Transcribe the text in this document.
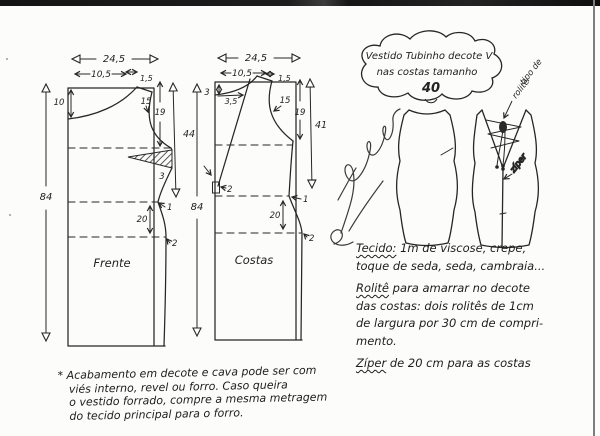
24,5
10,5	1,5
10	15
19
44
84
3
1
20
2
Frente
24,5
10,5	1,5
3
3,5	15
19
41
84
2
1
20
2
Costas
Vestido Tubinho decote V
nas costas tamanho
40
tipo de
rolitê
zíper

Tecido: 1m de viscose, crepe,
toque de seda, seda, cambraia...

Rolitê para amarrar no decote
das costas: dois rolitês de 1cm
de largura por 30 cm de compri-
mento.

Zíper de 20 cm para as costas

* Acabamento em decote e cava pode ser com
viés interno, revel ou forro. Caso queira
o vestido forrado, compre a mesma metragem
do tecido principal para o forro.
